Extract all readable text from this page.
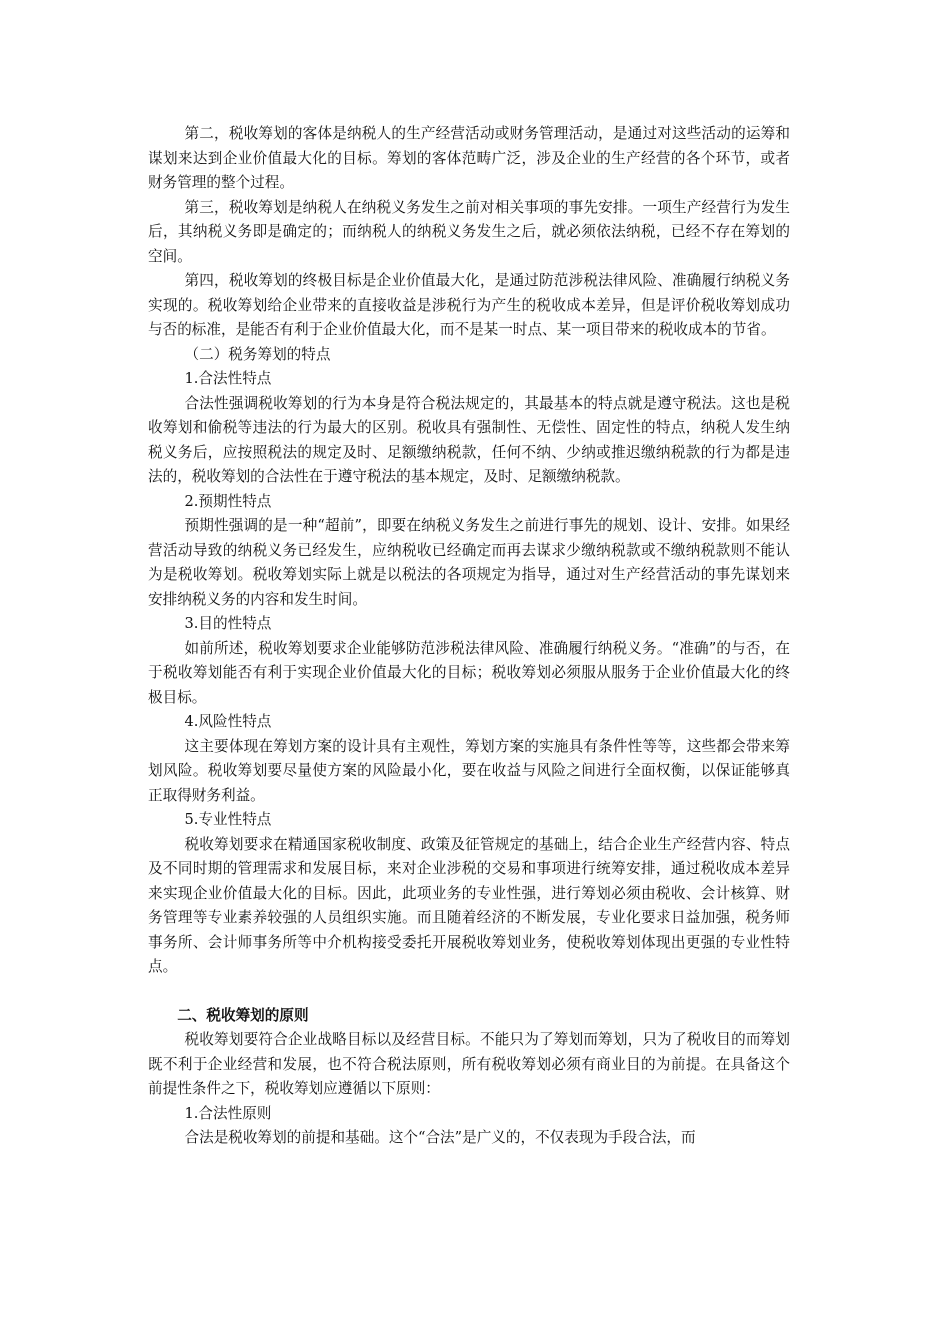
第二，税收筹划的客体是纳税人的生产经营活动或财务管理活动，是通过对这些活动的运筹和谋划来达到企业价值最大化的目标。筹划的客体范畴广泛，涉及企业的生产经营的各个环节，或者财务管理的整个过程。

第三，税收筹划是纳税人在纳税义务发生之前对相关事项的事先安排。一项生产经营行为发生后，其纳税义务即是确定的；而纳税人的纳税义务发生之后，就必须依法纳税，已经不存在筹划的空间。

第四，税收筹划的终极目标是企业价值最大化，是通过防范涉税法律风险、准确履行纳税义务实现的。税收筹划给企业带来的直接收益是涉税行为产生的税收成本差异，但是评价税收筹划成功与否的标准，是能否有利于企业价值最大化，而不是某一时点、某一项目带来的税收成本的节省。

（二）税务筹划的特点

1.合法性特点

合法性强调税收筹划的行为本身是符合税法规定的，其最基本的特点就是遵守税法。这也是税收筹划和偷税等违法的行为最大的区别。税收具有强制性、无偿性、固定性的特点，纳税人发生纳税义务后，应按照税法的规定及时、足额缴纳税款，任何不纳、少纳或推迟缴纳税款的行为都是违法的，税收筹划的合法性在于遵守税法的基本规定，及时、足额缴纳税款。

2.预期性特点

预期性强调的是一种“超前”，即要在纳税义务发生之前进行事先的规划、设计、安排。如果经营活动导致的纳税义务已经发生，应纳税收已经确定而再去谋求少缴纳税款或不缴纳税款则不能认为是税收筹划。税收筹划实际上就是以税法的各项规定为指导，通过对生产经营活动的事先谋划来安排纳税义务的内容和发生时间。

3.目的性特点

如前所述，税收筹划要求企业能够防范涉税法律风险、准确履行纳税义务。“准确”的与否，在于税收筹划能否有利于实现企业价值最大化的目标；税收筹划必须服从服务于企业价值最大化的终极目标。

4.风险性特点

这主要体现在筹划方案的设计具有主观性，筹划方案的实施具有条件性等等，这些都会带来筹划风险。税收筹划要尽量使方案的风险最小化，要在收益与风险之间进行全面权衡，以保证能够真正取得财务利益。

5.专业性特点

税收筹划要求在精通国家税收制度、政策及征管规定的基础上，结合企业生产经营内容、特点及不同时期的管理需求和发展目标，来对企业涉税的交易和事项进行统筹安排，通过税收成本差异来实现企业价值最大化的目标。因此，此项业务的专业性强，进行筹划必须由税收、会计核算、财务管理等专业素养较强的人员组织实施。而且随着经济的不断发展，专业化要求日益加强，税务师事务所、会计师事务所等中介机构接受委托开展税收筹划业务，使税收筹划体现出更强的专业性特点。

二、税收筹划的原则

税收筹划要符合企业战略目标以及经营目标。不能只为了筹划而筹划，只为了税收目的而筹划既不利于企业经营和发展，也不符合税法原则，所有税收筹划必须有商业目的为前提。在具备这个前提性条件之下，税收筹划应遵循以下原则：

1.合法性原则

合法是税收筹划的前提和基础。这个“合法”是广义的，不仅表现为手段合法，而
